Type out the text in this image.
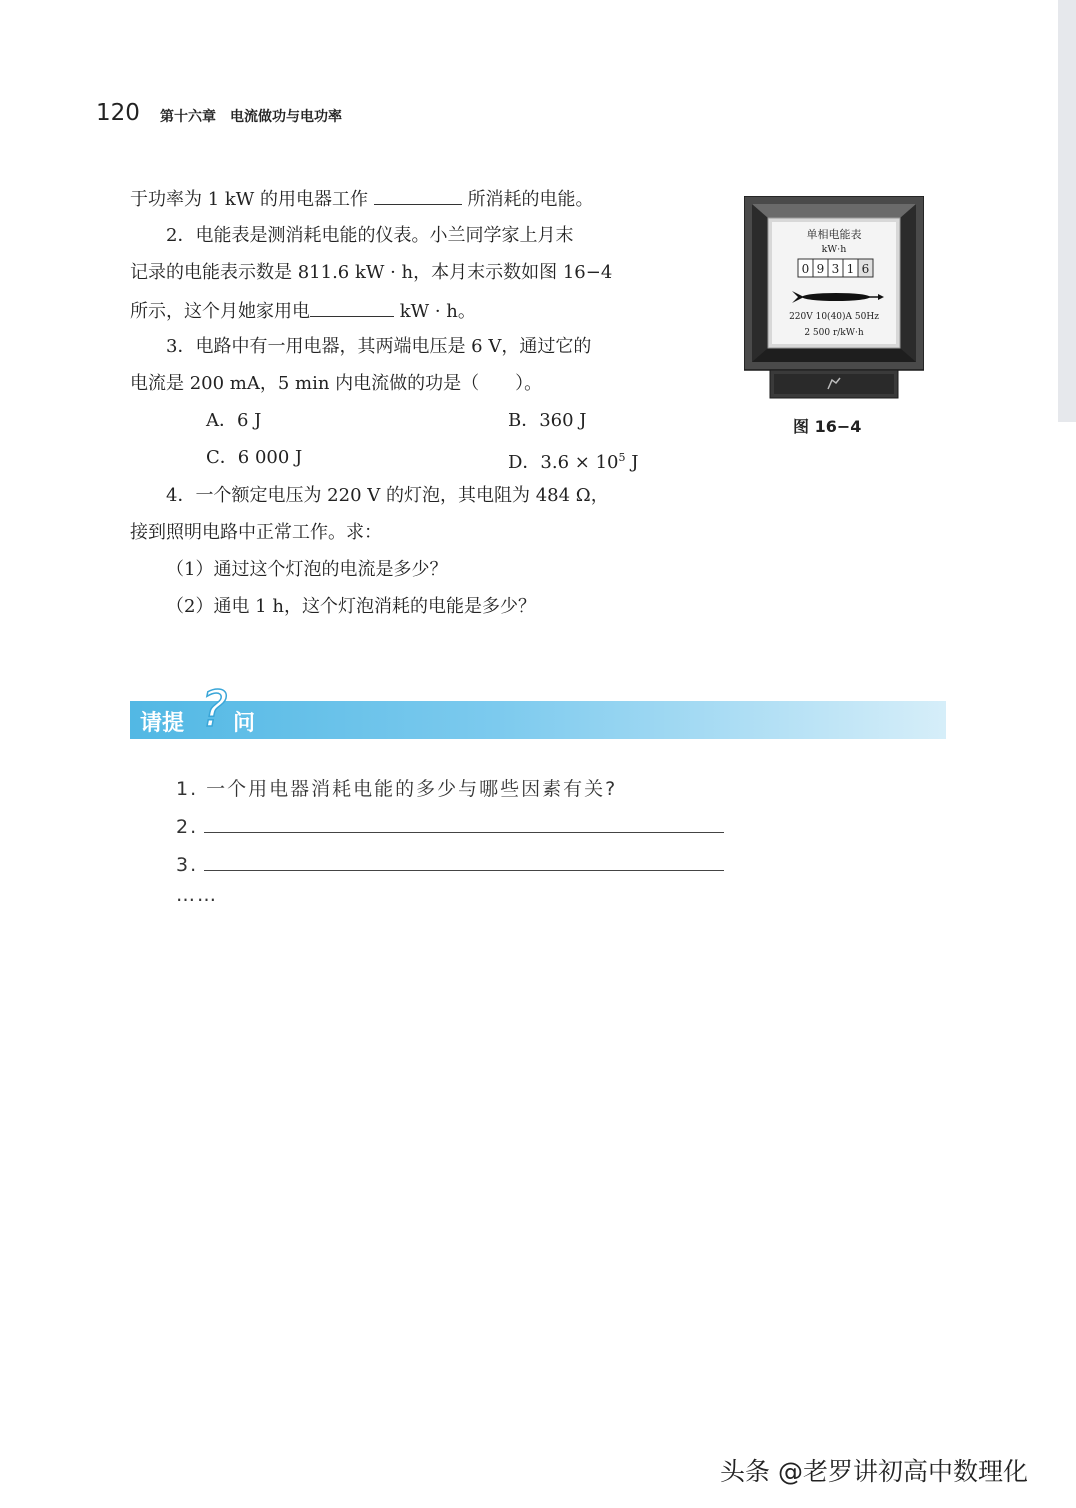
120 第十六章　电流做功与电功率
于功率为 1 kW 的用电器工作	所消耗的电能。
2．电能表是测消耗电能的仪表。小兰同学家上月末
记录的电能表示数是 811.6 kW · h，本月末示数如图 16−4
所示，这个月她家用电	kW · h。
3．电路中有一用电器，其两端电压是 6 V，通过它的
电流是 200 mA，5 min 内电流做的功是（　　）。
A．6 J	B．360 J
C．6 000 J	D．$3.6 \times 10^5$ J
4．一个额定电压为 220 V 的灯泡，其电阻为 484 Ω，
接到照明电路中正常工作。求：
（1）通过这个灯泡的电流是多少？
（2）通电 1 h，这个灯泡消耗的电能是多少？
单相电能表
kW·h
0 9 3 1 6
220V 10(40)A 50Hz
2 500 r/kW·h
图 16−4
请提 ? 问
1. 一个用电器消耗电能的多少与哪些因素有关?
2.
3.
……
头条 @老罗讲初高中数理化
